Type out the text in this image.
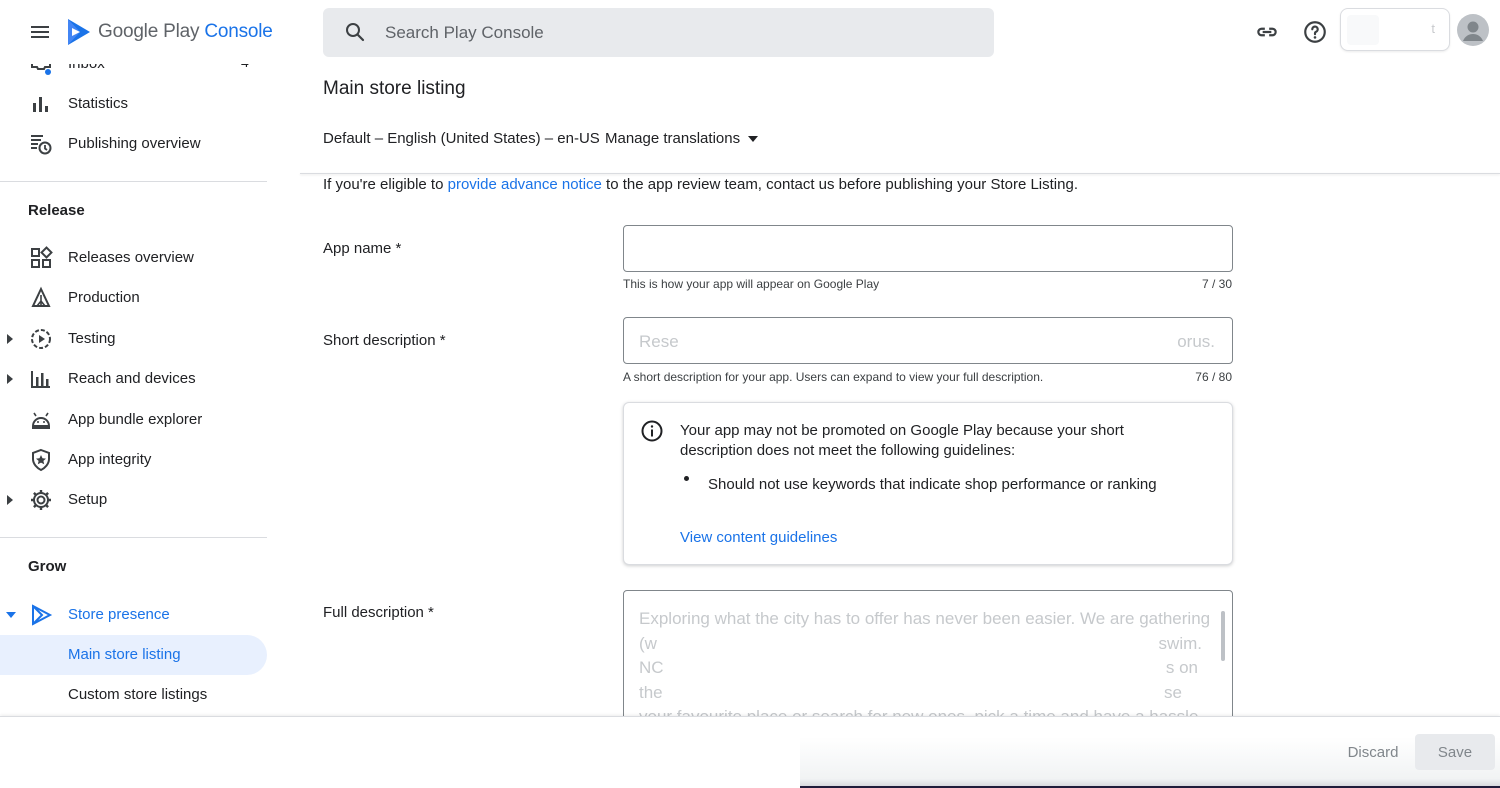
Google Play Console
Search Play Console	t
Statistics
Publishing overview
Release
Releases overview
Production
Testing
Reach and devices
App bundle explorer
App integrity
Setup
Grow
Store presence
Main store listing
Custom store listings
Main store listing
Default – English (United States) – en-US Manage translations
If you're eligible to provide advance notice to the app review team, contact us before publishing your Store Listing.
App name *
This is how your app will appear on Google Play	7 / 30
Short description *	Rese	orus.
A short description for your app. Users can expand to view your full description.	76 / 80
Your app may not be promoted on Google Play because your short description does not meet the following guidelines:
Should not use keywords that indicate shop performance or ranking
View content guidelines
Full description *	Exploring what the city has to offer has never been easier. We are gathering
(w	swim.
NC	s on
the	se
Discard	Save
